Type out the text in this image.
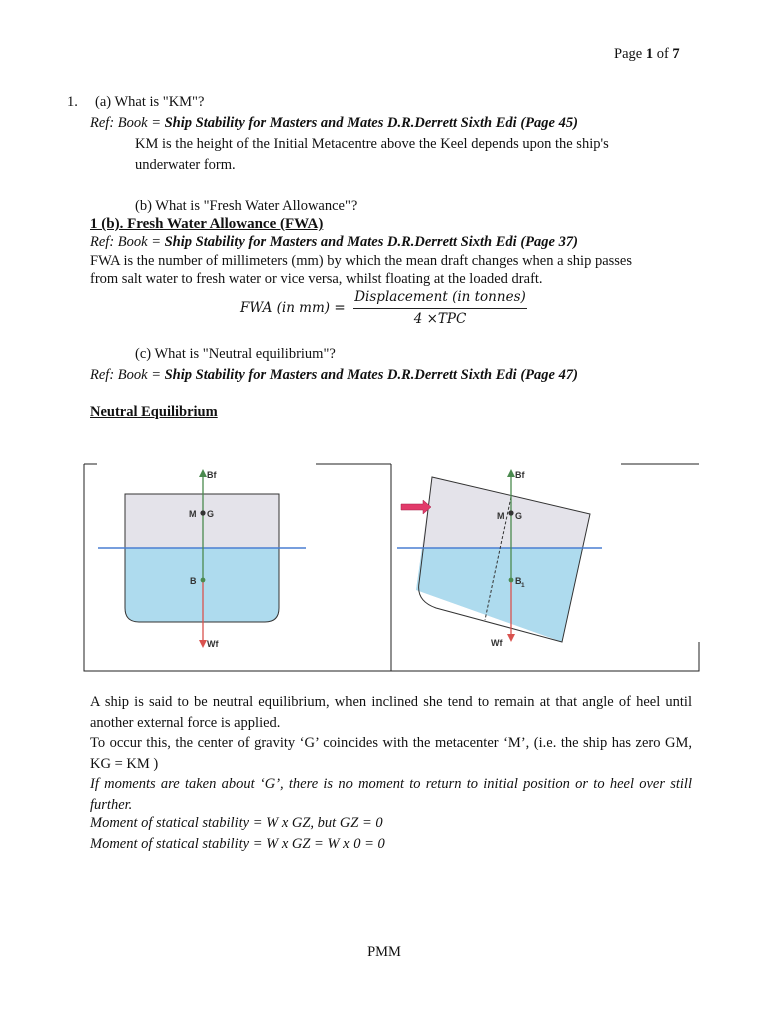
Page 1 of 7
1. (a) What is "KM"?
Ref: Book = Ship Stability for Masters and Mates D.R.Derrett Sixth Edi (Page 45)
KM is the height of the Initial Metacentre above the Keel depends upon the ship's
underwater form.
(b) What is "Fresh Water Allowance"?
1 (b). Fresh Water Allowance (FWA)
Ref: Book = Ship Stability for Masters and Mates D.R.Derrett Sixth Edi (Page 37)
FWA is the number of millimeters (mm) by which the mean draft changes when a ship passes
from salt water to fresh water or vice versa, whilst floating at the loaded draft.
FWA (in mm) =
Displacement (in tonnes)
4 ×TPC
(c) What is "Neutral equilibrium"?
Ref: Book = Ship Stability for Masters and Mates D.R.Derrett Sixth Edi (Page 47)
Neutral Equilibrium
Bf
M G
B
Wf
Bf
M G
B 1
Wf
A ship is said to be neutral equilibrium, when inclined she tend to remain at that angle of heel until another external force is applied.
To occur this, the center of gravity ‘G’ coincides with the metacenter ‘M’, (i.e. the ship has zero GM, KG = KM )
If moments are taken about ‘G’, there is no moment to return to initial position or to heel over still further.
Moment of statical stability = W x GZ, but GZ = 0
Moment of statical stability = W x GZ = W x 0 = 0
PMM
